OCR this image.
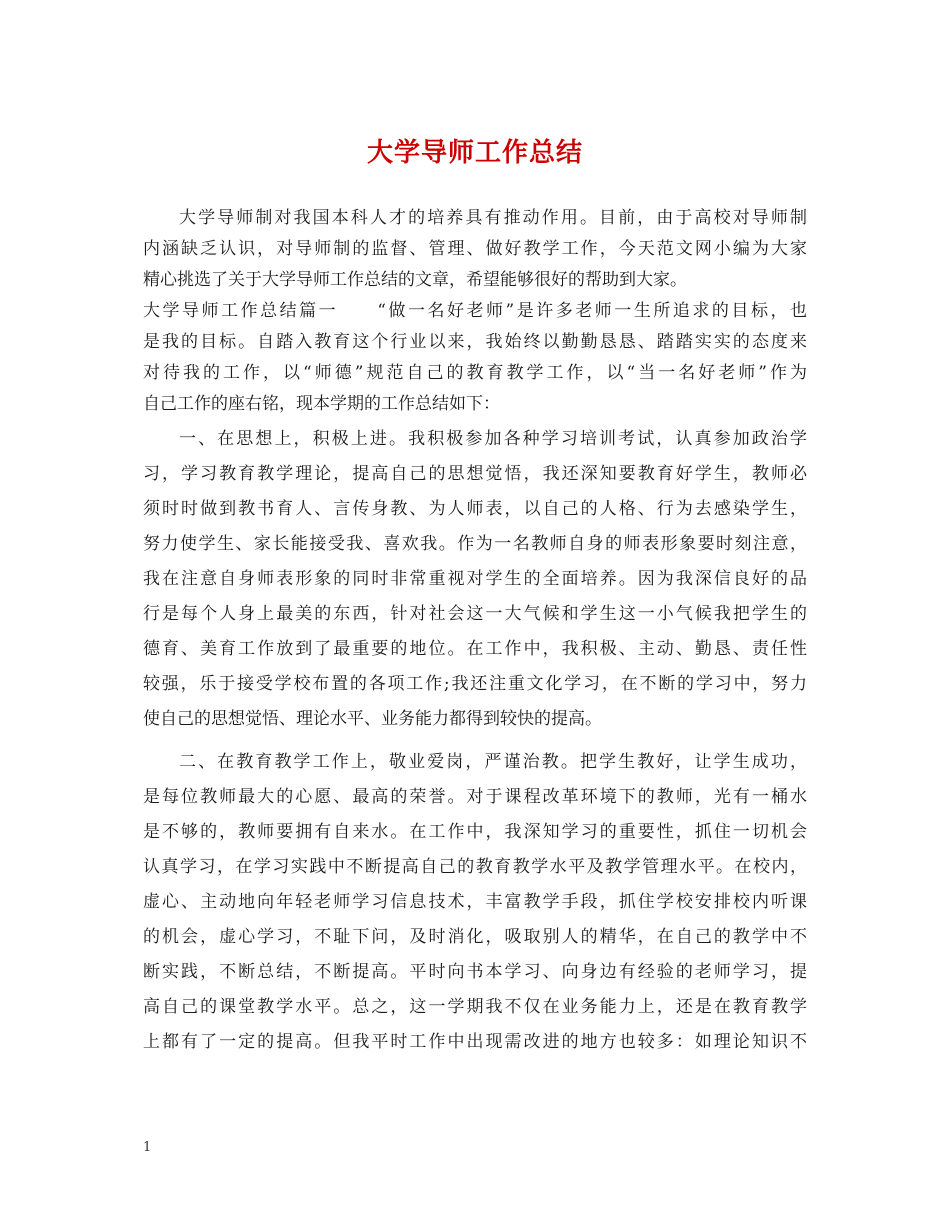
大学导师工作总结
大学导师制对我国本科人才的培养具有推动作用。目前，由于高校对导师制
内涵缺乏认识，对导师制的监督、管理、做好教学工作，今天范文网小编为大家
精心挑选了关于大学导师工作总结的文章，希望能够很好的帮助到大家。
大学导师工作总结篇一　　“做一名好老师”是许多老师一生所追求的目标，也
是我的目标。自踏入教育这个行业以来，我始终以勤勤恳恳、踏踏实实的态度来
对待我的工作，以“师德”规范自己的教育教学工作，以“当一名好老师”作为
自己工作的座右铭，现本学期的工作总结如下：
一、在思想上，积极上进。我积极参加各种学习培训考试，认真参加政治学
习，学习教育教学理论，提高自己的思想觉悟，我还深知要教育好学生，教师必
须时时做到教书育人、言传身教、为人师表，以自己的人格、行为去感染学生，
努力使学生、家长能接受我、喜欢我。作为一名教师自身的师表形象要时刻注意，
我在注意自身师表形象的同时非常重视对学生的全面培养。因为我深信良好的品
行是每个人身上最美的东西，针对社会这一大气候和学生这一小气候我把学生的
德育、美育工作放到了最重要的地位。在工作中，我积极、主动、勤恳、责任性
较强，乐于接受学校布置的各项工作;我还注重文化学习，在不断的学习中，努力
使自己的思想觉悟、理论水平、业务能力都得到较快的提高。
二、在教育教学工作上，敬业爱岗，严谨治教。把学生教好，让学生成功，
是每位教师最大的心愿、最高的荣誉。对于课程改革环境下的教师，光有一桶水
是不够的，教师要拥有自来水。在工作中，我深知学习的重要性，抓住一切机会
认真学习，在学习实践中不断提高自己的教育教学水平及教学管理水平。在校内，
虚心、主动地向年轻老师学习信息技术，丰富教学手段，抓住学校安排校内听课
的机会，虚心学习，不耻下问，及时消化，吸取别人的精华，在自己的教学中不
断实践，不断总结，不断提高。平时向书本学习、向身边有经验的老师学习，提
高自己的课堂教学水平。总之，这一学期我不仅在业务能力上，还是在教育教学
上都有了一定的提高。但我平时工作中出现需改进的地方也较多：如理论知识不
1
